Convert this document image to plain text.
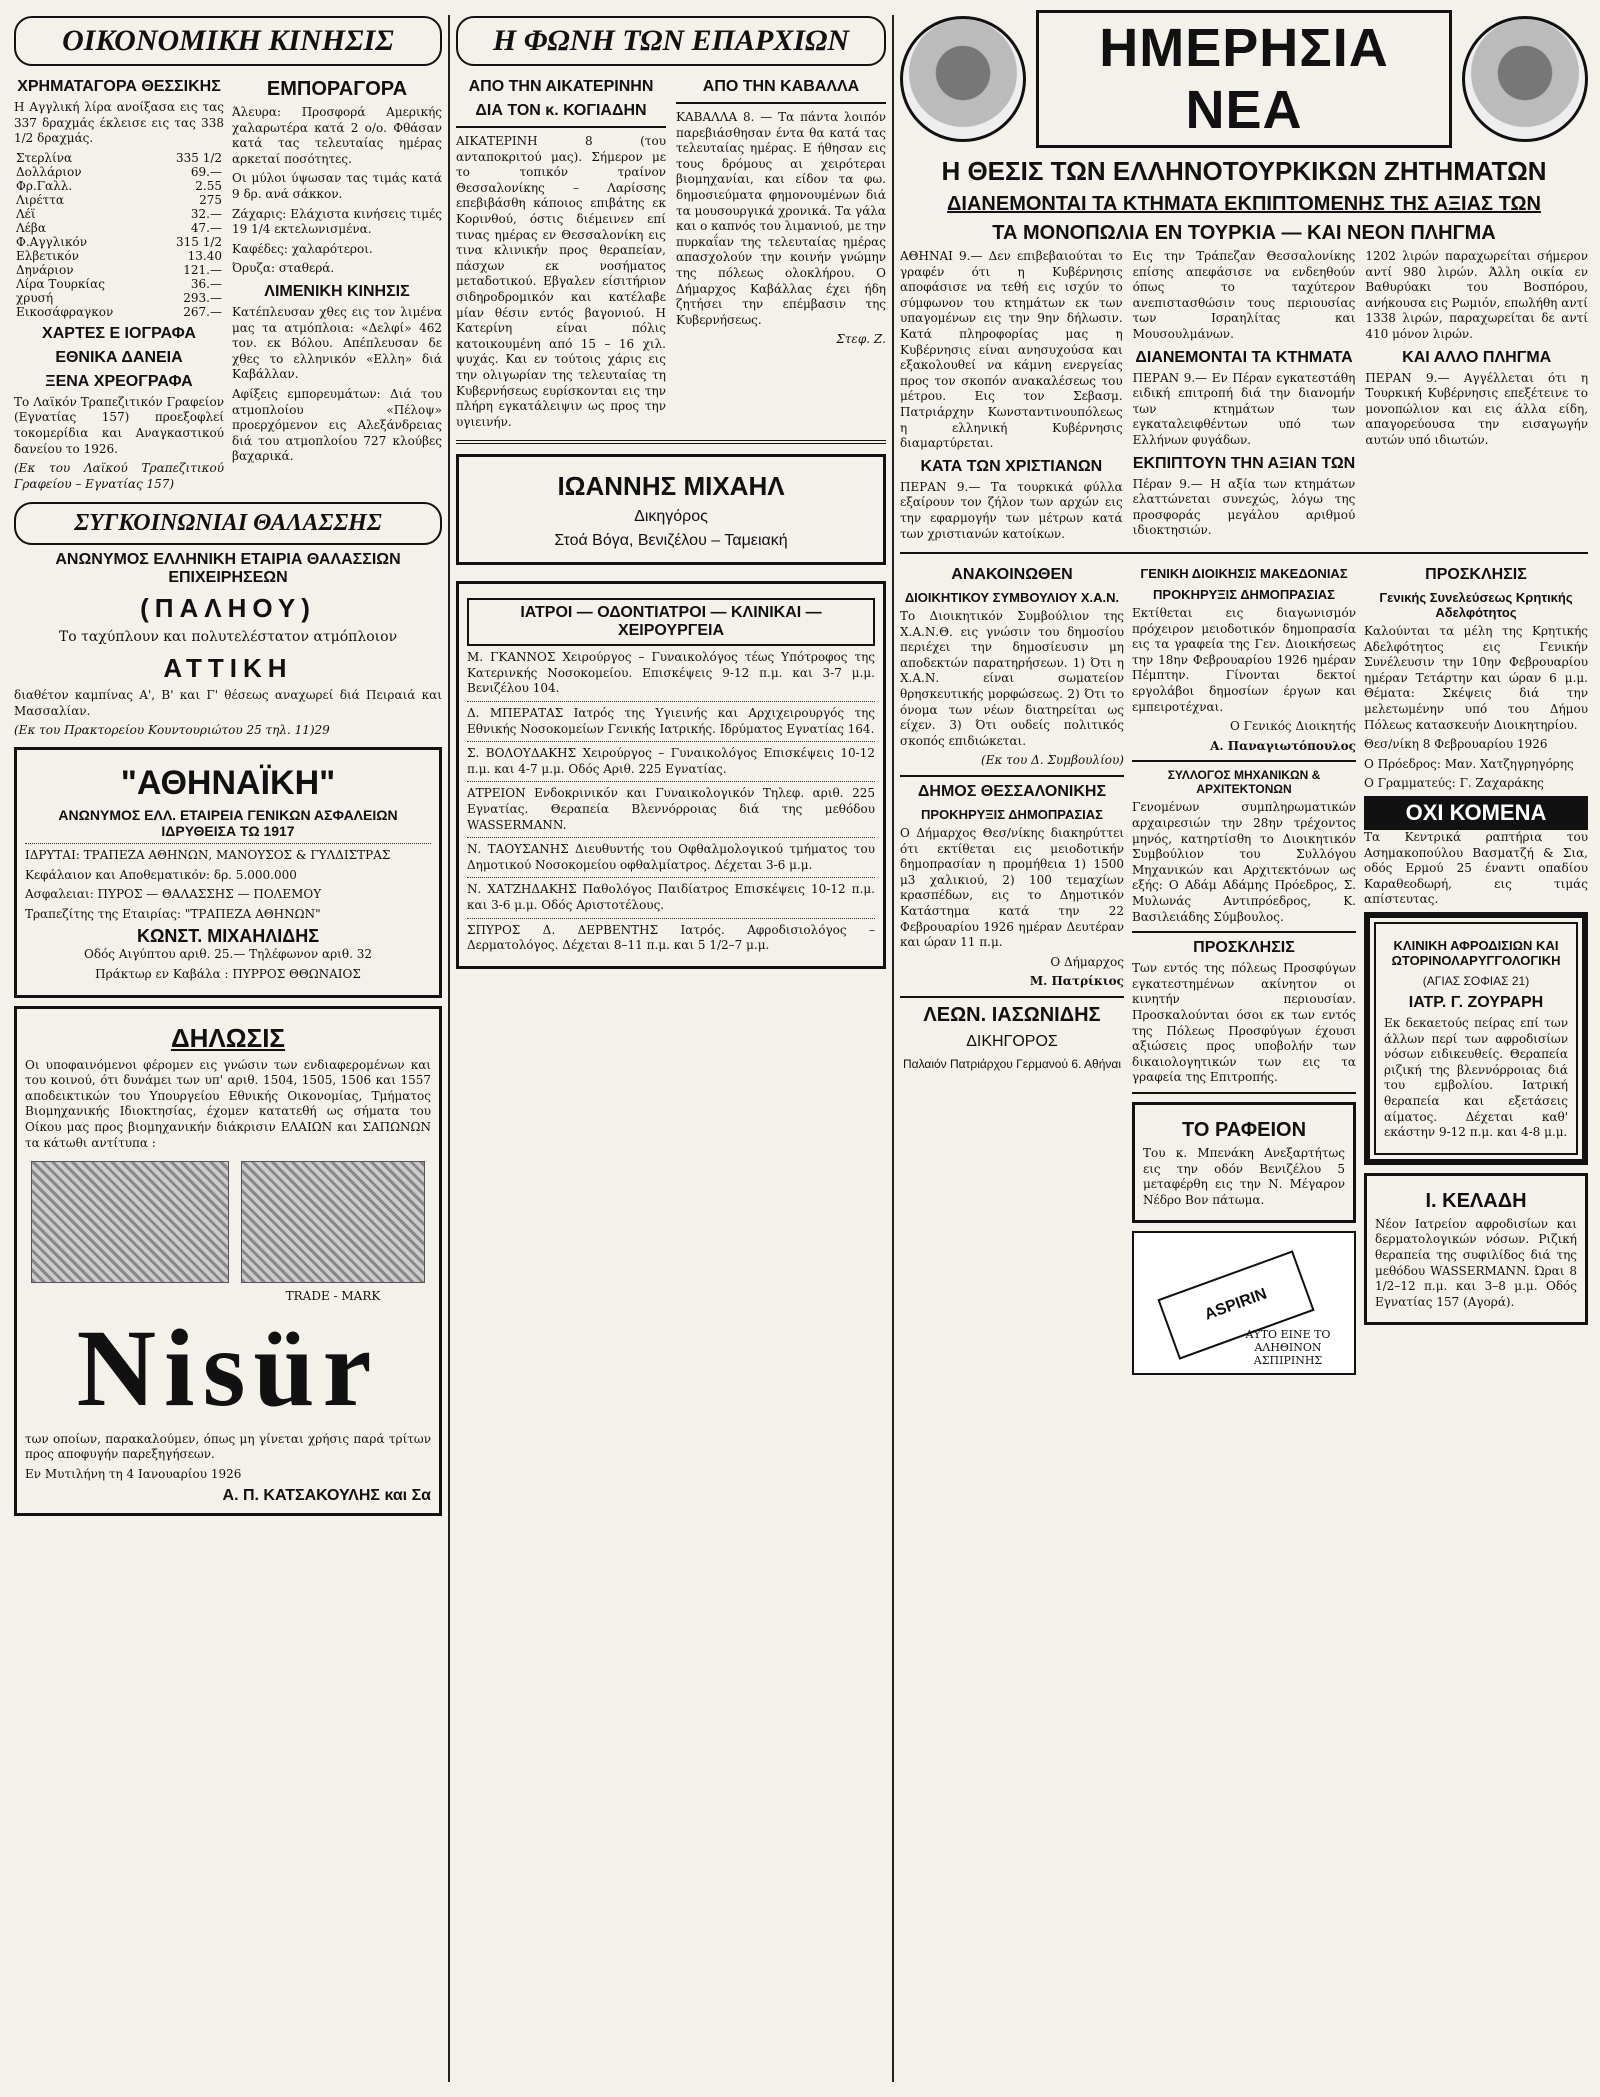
ΟΙΚΟΝΟΜΙΚΗ ΚΙΝΗΣΙΣ
ΧΡΗΜΑΤΑΓΟΡΑ ΘΕΣΣΙΚΗΣ

Η Αγγλική λίρα ανοίξασα εις τας 337 δραχμάς έκλεισε εις τας 338 1/2 δραχμάς.

Στερλίνα	335 1/2
Δολλάριον	69.—
Φρ.Γαλλ.	2.55
Λιρέττα	275
Λέϊ	32.—
Λέβα	47.—
Φ.Αγγλικόν	315 1/2
Ελβετικόν	13.40
Δηνάριον	121.—
Λίρα Τουρκίας	36.—
χρυσή	293.—
Εικοσάφραγκον	267.—
ΧΑΡΤΕΣ Ε ΙΟΓΡΑΦΑ
ΕΘΝΙΚΑ ΔΑΝΕΙΑ
ΞΕΝΑ ΧΡΕΟΓΡΑΦΑ

Το Λαϊκόν Τραπεζιτικόν Γραφείον (Εγνατίας 157) προεξοφλεί τοκομερίδια και Αναγκαστικού δανείου το 1926.

(Εκ του Λαϊκού Τραπεζιτικού Γραφείου – Εγνατίας 157)

ΕΜΠΟΡΑΓΟΡΑ

Άλευρα: Προσφορά Αμερικής χαλαρωτέρα κατά 2 ο/ο. Φθάσαν κατά τας τελευταίας ημέρας αρκεταί ποσότητες.

Οι μύλοι ύψωσαν τας τιμάς κατά 9 δρ. ανά σάκκον.

Ζάχαρις: Ελάχιστα κινήσεις τιμές 19 1/4 εκτελωνισμένα.

Καφέδες: χαλαρότεροι.

Όρυζα: σταθερά.

ΛΙΜΕΝΙΚΗ ΚΙΝΗΣΙΣ

Κατέπλευσαν χθες εις τον λιμένα μας τα ατμόπλοια: «Δελφί» 462 τον. εκ Βόλου. Απέπλευσαν δε χθες το ελληνικόν «Ελλη» διά Καβάλλαν.

Αφίξεις εμπορευμάτων: Διά του ατμοπλοίου «Πέλοψ» προερχόμενον εις Αλεξάνδρειας διά του ατμοπλοίου 727 κλούβες βαχαρικά.

ΣΥΓΚΟΙΝΩΝΙΑΙ ΘΑΛΑΣΣΗΣ
ΑΝΩΝΥΜΟΣ ΕΛΛΗΝΙΚΗ ΕΤΑΙΡΙΑ ΘΑΛΑΣΣΙΩΝ ΕΠΙΧΕΙΡΗΣΕΩΝ
(ΠΑΛΗΟΥ)

Το ταχύπλουν και πολυτελέστατον ατμόπλοιον

ΑΤΤΙΚΗ

διαθέτον καμπίνας Α', Β' και Γ' θέσεως αναχωρεί διά Πειραιά και Μασσαλίαν.

(Εκ του Πρακτορείου Κουντουριώτου 25 τηλ. 11)29

"ΑΘΗΝΑΪΚΗ"
ΑΝΩΝΥΜΟΣ ΕΛΛ. ΕΤΑΙΡΕΙΑ ΓΕΝΙΚΩΝ ΑΣΦΑΛΕΙΩΝ
ΙΔΡΥΘΕΙΣΑ ΤΩ 1917

ΙΔΡΥΤΑΙ: ΤΡΑΠΕΖΑ ΑΘΗΝΩΝ, ΜΑΝΟΥΣΟΣ & ΓΥΛΔΙΣΤΡΑΣ

Κεφάλαιον και Αποθεματικόν: δρ. 5.000.000

Ασφαλειαι: ΠΥΡΟΣ — ΘΑΛΑΣΣΗΣ — ΠΟΛΕΜΟΥ

Τραπεζίτης της Εταιρίας: "ΤΡΑΠΕΖΑ ΑΘΗΝΩΝ"

ΚΩΝΣΤ. ΜΙΧΑΗΛΙΔΗΣ

Οδός Αιγύπτου αριθ. 25.— Τηλέφωνον αριθ. 32

Πράκτωρ εν Καβάλα : ΠΥΡΡΟΣ ΘΘΩΝΑΙΟΣ

ΔΗΛΩΣΙΣ

Οι υποφαινόμενοι φέρομεν εις γνώσιν των ενδιαφερομένων και του κοινού, ότι δυνάμει των υπ' αριθ. 1504, 1505, 1506 και 1557 αποδεικτικών του Υπουργείου Εθνικής Οικονομίας, Τμήματος Βιομηχανικής Ιδιοκτησίας, έχομεν κατατεθή ως σήματα του Οίκου μας προς βιομηχανικήν διάκρισιν ΕΛΑΙΩΝ και ΣΑΠΩΝΩΝ τα κάτωθι αντίτυπα :

TRADE - MARK
Nisür

των οποίων, παρακαλούμεν, όπως μη γίνεται χρήσις παρά τρίτων προς αποφυγήν παρεξηγήσεων.

Εν Μυτιλήνη τη 4 Ιανουαρίου 1926

Α. Π. ΚΑΤΣΑΚΟΥΛΗΣ και Σα
Η ΦΩΝΗ ΤΩΝ ΕΠΑΡΧΙΩΝ
ΑΠΟ ΤΗΝ ΑΙΚΑΤΕΡΙΝΗΝ
ΔΙΑ ΤΟΝ κ. ΚΟΓΙΑΔΗΝ

ΑΙΚΑΤΕΡΙΝΗ 8 (του ανταποκριτού μας). Σήμερον με το τοπικόν τραίνον Θεσσαλονίκης – Λαρίσσης επεβιβάσθη κάποιος επιβάτης εκ Κορινθού, όστις διέμεινεν επί τινας ημέρας εν Θεσσαλονίκη εις τινα κλινικήν προς θεραπείαν, πάσχων εκ νοσήματος μεταδοτικού. Εβγαλεν είσιτήριον σιδηροδρομικόν και κατέλαβε μίαν θέσιν εντός βαγονιού. Η Κατερίνη είναι πόλις κατοικουμένη από 15 – 16 χιλ. ψυχάς. Και εν τούτοις χάρις εις την ολιγωρίαν της τελευταίας τη Κυβερνήσεως ευρίσκονται εις την πλήρη εγκατάλειψιν ως προς την υγιεινήν.

ΑΠΟ ΤΗΝ ΚΑΒΑΛΛΑ

ΚΑΒΑΛΛΑ 8. — Τα πάντα λοιπόν παρεβιάσθησαν έντα θα κατά τας τελευταίας ημέρας. Ε ήθησαν εις τους δρόμους αι χειρότεραι βιομηχανίαι, και είδον τα φω. δημοσιεύματα φημονουμένων διά τα μουσουργικά χρονικά. Τα γάλα και ο καπνός του λιμανιού, με την πυρκαΐαν της τελευταίας ημέρας απασχολούν την κοινήν γνώμην της πόλεως ολοκλήρου. Ο Δήμαρχος Καβάλλας έχει ήδη ζητήσει την επέμβασιν της Κυβερνήσεως.

Στεφ. Ζ.

ΙΩΑΝΝΗΣ ΜΙΧΑΗΛ
Δικηγόρος
Στοά Βόγα, Βενιζέλου – Ταμειακή
ΙΑΤΡΟΙ — ΟΔΟΝΤΙΑΤΡΟΙ — ΚΛΙΝΙΚΑΙ — ΧΕΙΡΟΥΡΓΕΙΑ

Μ. ΓΚΑΝΝΟΣ Χειρούργος – Γυναικολόγος τέως Υπότροφος της Κατερινκής Νοσοκομείου. Επισκέψεις 9-12 π.μ. και 3-7 μ.μ. Βενιζέλου 104.

Δ. ΜΠΕΡΑΤΑΣ Ιατρός της Υγιεινής και Αρχιχειρουργός της Εθνικής Νοσοκομείων Γενικής Ιατρικής. Ιδρύματος Εγνατίας 164.

Σ. ΒΟΛΟΥΔΑΚΗΣ Χειρούργος – Γυναικολόγος Επισκέψεις 10-12 π.μ. και 4-7 μ.μ. Οδός Αριθ. 225 Εγνατίας.

ΑΤΡΕΙΟΝ Ενδοκρινικόν και Γυναικολογικόν Τηλεφ. αριθ. 225 Εγνατίας. Θεραπεία Βλεννόρροιας διά της μεθόδου WASSERMANN.

Ν. ΤΑΟΥΣΑΝΗΣ Διευθυντής του Οφθαλμολογικού τμήματος του Δημοτικού Νοσοκομείου οφθαλμίατρος. Δέχεται 3-6 μ.μ.

Ν. ΧΑΤΖΗΔΑΚΗΣ Παθολόγος Παιδίατρος Επισκέψεις 10-12 π.μ. και 3-6 μ.μ. Οδός Αριστοτέλους.

ΣΠΥΡΟΣ Δ. ΔΕΡΒΕΝΤΗΣ Ιατρός. Αφροδισιολόγος – Δερματολόγος. Δέχεται 8–11 π.μ. και 5 1/2–7 μ.μ.

ΗΜΕΡΗΣΙΑ ΝΕΑ
Η ΘΕΣΙΣ ΤΩΝ ΕΛΛΗΝΟΤΟΥΡΚΙΚΩΝ ΖΗΤΗΜΑΤΩΝ
ΔΙΑΝΕΜΟΝΤΑΙ ΤΑ ΚΤΗΜΑΤΑ ΕΚΠΙΠΤΟΜΕΝΗΣ ΤΗΣ ΑΞΙΑΣ ΤΩΝ
ΤΑ ΜΟΝΟΠΩΛΙΑ ΕΝ ΤΟΥΡΚΙΑ — ΚΑΙ ΝΕΟΝ ΠΛΗΓΜΑ

ΑΘΗΝΑΙ 9.— Δεν επιβεβαιούται το γραφέν ότι η Κυβέρνησις αποφάσισε να τεθή εις ισχύν το σύμφωνον του κτημάτων εκ των υπαγομένων εις την 9ην δήλωσιν. Κατά πληροφορίας μας η Κυβέρνησις είναι ανησυχούσα και εξακολουθεί να κάμνη ενεργείας προς τον σκοπόν ανακαλέσεως του μέτρου. Εις τον Σεβασμ. Πατριάρχην Κωνσταντινουπόλεως η ελληνική Κυβέρνησις διαμαρτύρεται.

ΚΑΤΑ ΤΩΝ ΧΡΙΣΤΙΑΝΩΝ

ΠΕΡΑΝ 9.— Τα τουρκικά φύλλα εξαίρουν τον ζήλον των αρχών εις την εφαρμογήν των μέτρων κατά των χριστιανών κατοίκων.

Εις την Τράπεζαν Θεσσαλονίκης επίσης απεφάσισε να ενδεηθούν όπως το ταχύτερον ανεπιστασθώσιν τους περιουσίας των Ισραηλίτας και Μουσουλμάνων.

ΔΙΑΝΕΜΟΝΤΑΙ ΤΑ ΚΤΗΜΑΤΑ

ΠΕΡΑΝ 9.— Εν Πέραν εγκατεστάθη ειδική επιτροπή διά την διανομήν των κτημάτων των εγκαταλειφθέντων υπό των Ελλήνων φυγάδων.

ΕΚΠΙΠΤΟΥΝ ΤΗΝ ΑΞΙΑΝ ΤΩΝ

Πέραν 9.— Η αξία των κτημάτων ελαττώνεται συνεχώς, λόγω της προσφοράς μεγάλου αριθμού ιδιοκτησιών.

1202 λιρών παραχωρείται σήμερον αντί 980 λιρών. Άλλη οικία εν Βαθυρύακι του Βοσπόρου, ανήκουσα εις Ρωμιόν, επωλήθη αντί 1338 λιρών, παραχωρείται δε αντί 410 μόνον λιρών.

ΚΑΙ ΑΛΛΟ ΠΛΗΓΜΑ

ΠΕΡΑΝ 9.— Αγγέλλεται ότι η Τουρκική Κυβέρνησις επεξέτεινε το μονοπώλιον και εις άλλα είδη, απαγορεύουσα την εισαγωγήν αυτών υπό ιδιωτών.

ΑΝΑΚΟΙΝΩΘΕΝ
ΔΙΟΙΚΗΤΙΚΟΥ ΣΥΜΒΟΥΛΙΟΥ Χ.Α.Ν.

Το Διοικητικόν Συμβούλιον της Χ.Α.Ν.Θ. εις γνώσιν του δημοσίου περιέχει την δημοσίευσιν μη αποδεκτών παρατηρήσεων. 1) Ότι η Χ.Α.Ν. είναι σωματείον θρησκευτικής μορφώσεως. 2) Ότι το όνομα των νέων διατηρείται ως είχεν. 3) Ότι ουδείς πολιτικός σκοπός επιδιώκεται.

(Εκ του Δ. Συμβουλίου)

ΔΗΜΟΣ ΘΕΣΣΑΛΟΝΙΚΗΣ
ΠΡΟΚΗΡΥΞΙΣ ΔΗΜΟΠΡΑΣΙΑΣ

Ο Δήμαρχος Θεσ/νίκης διακηρύττει ότι εκτίθεται εις μειοδοτικήν δημοπρασίαν η προμήθεια 1) 1500 μ3 χαλικιού, 2) 100 τεμαχίων κρασπέδων, εις το Δημοτικόν Κατάστημα κατά την 22 Φεβρουαρίου 1926 ημέραν Δευτέραν και ώραν 11 π.μ.

Ο Δήμαρχος

Μ. Πατρίκιος

ΛΕΩΝ. ΙΑΣΩΝΙΔΗΣ
ΔΙΚΗΓΟΡΟΣ
Παλαιόν Πατριάρχου Γερμανού 6. Αθήναι
ΓΕΝΙΚΗ ΔΙΟΙΚΗΣΙΣ ΜΑΚΕΔΟΝΙΑΣ
ΠΡΟΚΗΡΥΞΙΣ ΔΗΜΟΠΡΑΣΙΑΣ

Εκτίθεται εις διαγωνισμόν πρόχειρον μειοδοτικόν δημοπρασία εις τα γραφεία της Γεν. Διοικήσεως την 18ην Φεβρουαρίου 1926 ημέραν Πέμπτην. Γίνονται δεκτοί εργολάβοι δημοσίων έργων και εμπειροτέχναι.

Ο Γενικός Διοικητής

Α. Παναγιωτόπουλος

ΣΥΛΛΟΓΟΣ ΜΗΧΑΝΙΚΩΝ & ΑΡΧΙΤΕΚΤΟΝΩΝ

Γενομένων συμπληρωματικών αρχαιρεσιών την 28ην τρέχοντος μηνός, κατηρτίσθη το Διοικητικόν Συμβούλιον του Συλλόγου Μηχανικών και Αρχιτεκτόνων ως εξής: Ο Αδάμ Αδάμης Πρόεδρος, Σ. Μυλωνάς Αντιπρόεδρος, Κ. Βασιλειάδης Σύμβουλος.

ΠΡΟΣΚΛΗΣΙΣ

Των εντός της πόλεως Προσφύγων εγκατεστημένων ακίνητον οι κινητήν περιουσίαν. Προσκαλούνται όσοι εκ των εντός της Πόλεως Προσφύγων έχουσι αξιώσεις προς υποβολήν των δικαιολογητικών των εις τα γραφεία της Επιτροπής.

ΤΟ ΡΑΦΕΙΟΝ

Του κ. Μπενάκη Ανεξαρτήτως εις την οδόν Βενιζέλου 5 μεταφέρθη εις την Ν. Μέγαρον Νέδρο Βον πάτωμα.

ASPIRIN
ΑΥΤΟ ΕΙΝΕ ΤΟ ΑΛΗΘΙΝΟΝ ΑΣΠΙΡΙΝΗΣ
ΠΡΟΣΚΛΗΣΙΣ
Γενικής Συνελεύσεως Κρητικής Αδελφότητος

Καλούνται τα μέλη της Κρητικής Αδελφότητος εις Γενικήν Συνέλευσιν την 10ην Φεβρουαρίου ημέραν Τετάρτην και ώραν 6 μ.μ. Θέματα: Σκέψεις διά την μελετωμένην υπό του Δήμου Πόλεως κατασκευήν Διοικητηρίου.

Θεσ/νίκη 8 Φεβρουαρίου 1926

Ο Πρόεδρος: Μαν. Χατζηγρηγόρης

Ο Γραμματεύς: Γ. Ζαχαράκης

ΟΧΙ ΚΟΜΕΝΑ

Τα Κεντρικά ραπτήρια του Ασημακοπούλου Βασματζή & Σια, οδός Ερμού 25 έναντι οπαδίου Καραθεοδωρή, εις τιμάς απίστευτας.

ΚΛΙΝΙΚΗ ΑΦΡΟΔΙΣΙΩΝ ΚΑΙ ΩΤΟΡΙΝΟΛΑΡΥΓΓΟΛΟΓΙΚΗ
(ΑΓΙΑΣ ΣΟΦΙΑΣ 21)
ΙΑΤΡ. Γ. ΖΟΥΡΑΡΗ

Εκ δεκαετούς πείρας επί των άλλων περί των αφροδισίων νόσων ειδικευθείς. Θεραπεία ριζική της βλεννόρροιας διά του εμβολίου. Ιατρική θεραπεία και εξετάσεις αίματος. Δέχεται καθ' εκάστην 9-12 π.μ. και 4-8 μ.μ.

Ι. ΚΕΛΑΔΗ

Νέον Ιατρείον αφροδισίων και δερματολογικών νόσων. Ριζική θεραπεία της συφιλίδος διά της μεθόδου WASSERMANN. Ώραι 8 1/2–12 π.μ. και 3–8 μ.μ. Οδός Εγνατίας 157 (Αγορά).
